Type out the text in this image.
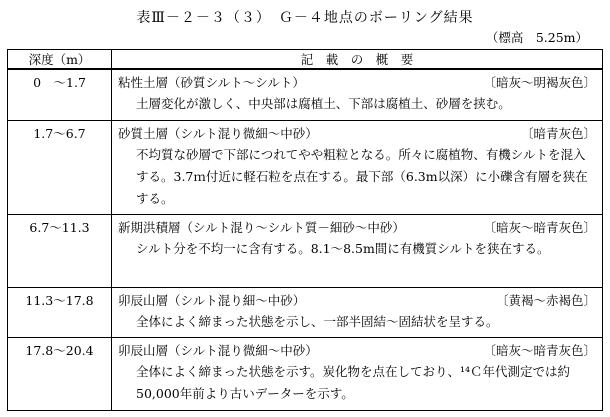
表Ⅲ－２－３（３）　Ｇ－４地点のボーリング結果
（標高　5.25m）
深度（m）	記　載　の　概　要
0　～1.7	粘性土層（砂質シルト～シルト） 〔暗灰～明褐灰色〕
土層変化が激しく、中央部は腐植土、下部は腐植土、砂層を挟む。

1.7～6.7	砂質土層（シルト混り微細～中砂） 〔暗青灰色〕
不均質な砂層で下部につれてやや粗粒となる。所々に腐植物、有機シルトを混入する。3.7ｍ付近に軽石粒を点在する。最下部（6.3m以深）に小礫含有層を狭在する。

6.7～11.3	新期洪積層（シルト混り～シルト質－細砂～中砂） 〔暗灰～暗青灰色〕
シルト分を不均一に含有する。8.1～8.5m間に有機質シルトを狭在する。

11.3～17.8	卯辰山層（シルト混り細～中砂） 〔黄褐～赤褐色〕
全体によく締まった状態を示し、一部半固結～固結状を呈する。

17.8～20.4	卯辰山層（シルト混り微細～中砂） 〔暗灰～暗青灰色〕
全体によく締まった状態を示す。炭化物を点在しており、¹⁴Ｃ年代測定では約50,000年前より古いデーターを示す。
